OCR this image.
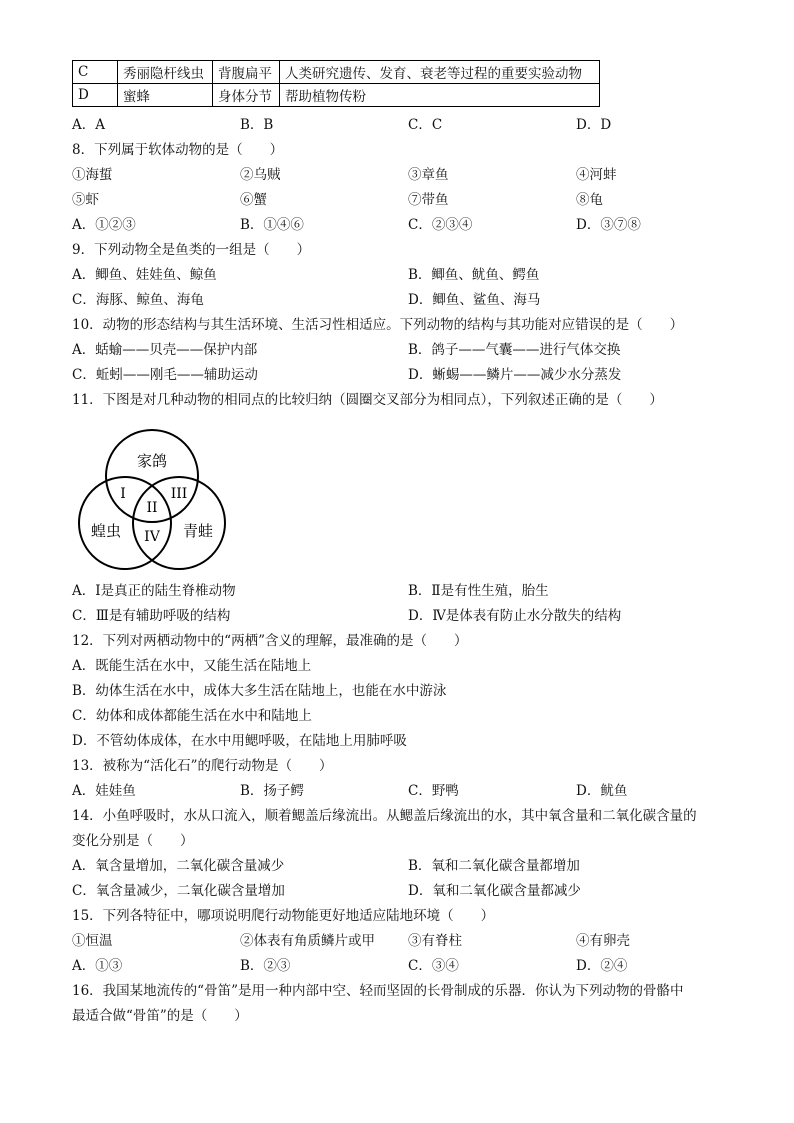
C	秀丽隐杆线虫	背腹扁平	人类研究遗传、发育、衰老等过程的重要实验动物
D	蜜蜂	身体分节	帮助植物传粉
A．A	B．B	C．C	D．D
8．下列属于软体动物的是（　　）
①海蜇	②乌贼	③章鱼	④河蚌
⑤虾	⑥蟹	⑦带鱼	⑧龟
A．①②③	B．①④⑥	C．②③④	D．③⑦⑧
9．下列动物全是鱼类的一组是（　　）
A．鲫鱼、娃娃鱼、鲸鱼	B．鲫鱼、鱿鱼、鳄鱼
C．海豚、鲸鱼、海龟	D．鲫鱼、鲨鱼、海马
10．动物的形态结构与其生活环境、生活习性相适应。下列动物的结构与其功能对应错误的是（　　）
A．蛞蝓——贝壳——保护内部	B．鸽子——气囊——进行气体交换
C．蚯蚓——刚毛——辅助运动	D．蜥蜴——鳞片——减少水分蒸发
11．下图是对几种动物的相同点的比较归纳（圆圈交叉部分为相同点），下列叙述正确的是（　　）
家鸽
蝗虫	青蛙
I
II
III
IV
A．Ⅰ是真正的陆生脊椎动物	B．Ⅱ是有性生殖，胎生
C．Ⅲ是有辅助呼吸的结构	D．Ⅳ是体表有防止水分散失的结构
12．下列对两栖动物中的“两栖”含义的理解，最准确的是（　　）
A．既能生活在水中，又能生活在陆地上
B．幼体生活在水中，成体大多生活在陆地上，也能在水中游泳
C．幼体和成体都能生活在水中和陆地上
D．不管幼体成体，在水中用鳃呼吸，在陆地上用肺呼吸
13．被称为“活化石”的爬行动物是（　　）
A．娃娃鱼	B．扬子鳄	C．野鸭	D．鱿鱼
14．小鱼呼吸时，水从口流入，顺着鳃盖后缘流出。从鳃盖后缘流出的水，其中氧含量和二氧化碳含量的
变化分别是（　　）
A．氧含量增加，二氧化碳含量减少	B．氧和二氧化碳含量都增加
C．氧含量减少，二氧化碳含量增加	D．氧和二氧化碳含量都减少
15．下列各特征中，哪项说明爬行动物能更好地适应陆地环境（　　）
①恒温	②体表有角质鳞片或甲 ③有脊柱	④有卵壳
A．①③	B．②③	C．③④	D．②④
16．我国某地流传的“骨笛”是用一种内部中空、轻而坚固的长骨制成的乐器．你认为下列动物的骨骼中
最适合做“骨笛”的是（　　）
